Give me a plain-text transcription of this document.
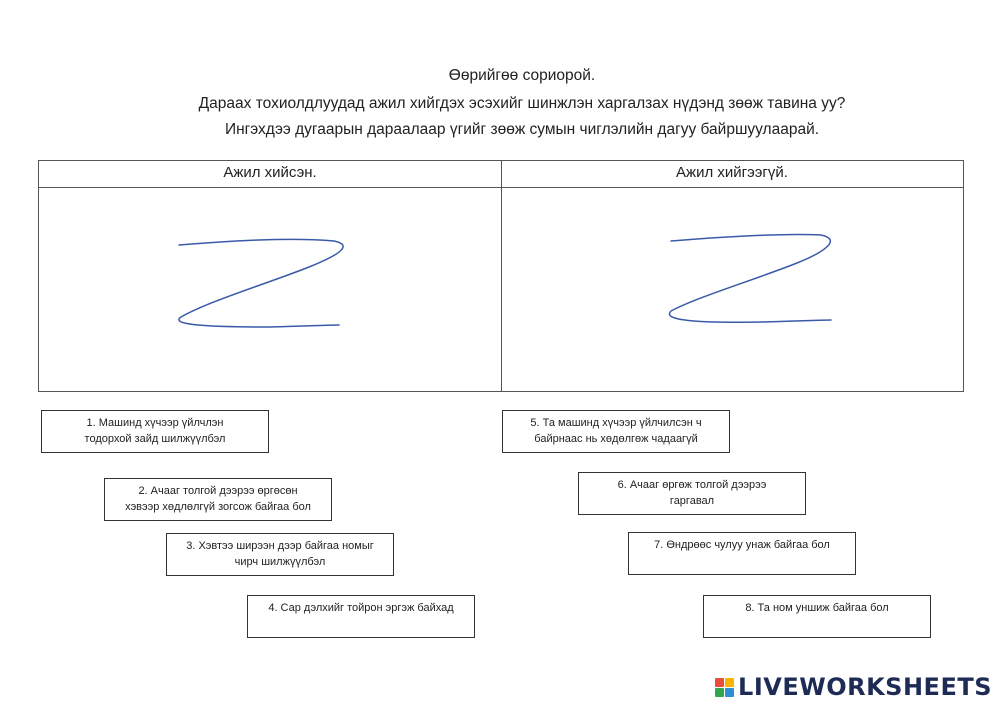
Өөрийгөө сориорой.
Дараах тохиолдлуудад ажил хийгдэх эсэхийг шинжлэн харгалзах нүдэнд зөөж тавина уу?
Ингэхдээ дугаарын дараалаар үгийг зөөж сумын чиглэлийн дагуу байршуулаарай.
Ажил хийсэн.	Ажил хийгээгүй.
1. Машинд хүчээр үйлчлэн
тодорхой зайд шилжүүлбэл
2. Ачааг толгой дээрээ өргөсөн
хэвээр хөдлөлгүй зогсож байгаа бол
3. Хэвтээ ширээн дээр байгаа номыг
чирч шилжүүлбэл
4. Сар дэлхийг тойрон эргэж байхад
5. Та машинд хүчээр үйлчилсэн ч
байрнаас нь хөдөлгөж чадаагүй
6. Ачааг өргөж толгой дээрээ
гаргавал
7. Өндрөөс чулуу унаж байгаа бол
8. Та ном уншиж байгаа бол
LIVEWORKSHEETS
